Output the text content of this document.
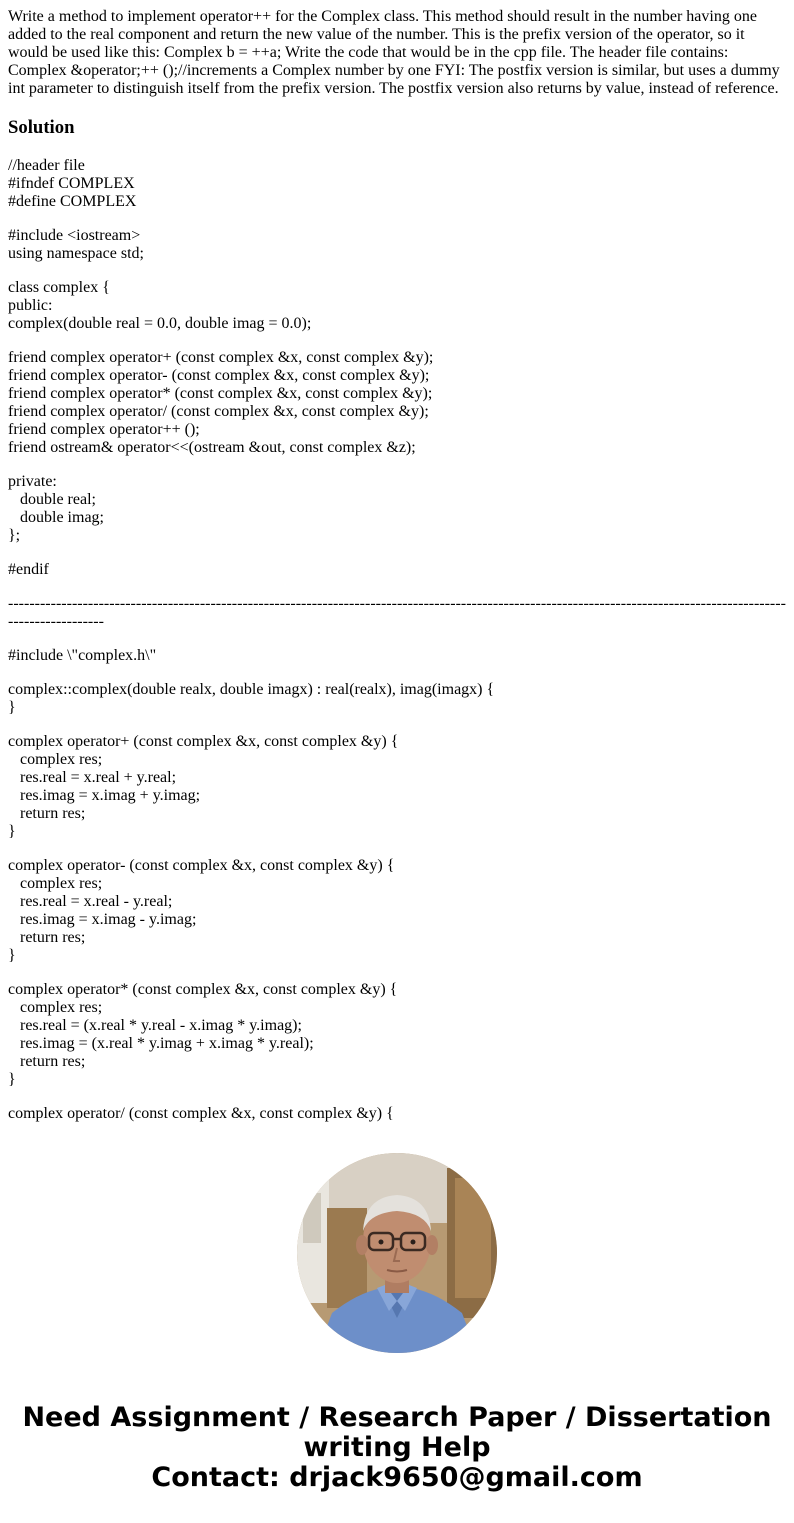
Write a method to implement operator++ for the Complex class. This method should result in the number having one added to the real component and return the new value of the number. This is the prefix version of the operator, so it would be used like this: Complex b = ++a; Write the code that would be in the cpp file. The header file contains: Complex &operator;++ ();//increments a Complex number by one FYI: The postfix version is similar, but uses a dummy int parameter to distinguish itself from the prefix version. The postfix version also returns by value, instead of reference.

Solution
//header file
#ifndef COMPLEX
#define COMPLEX
#include <iostream>
using namespace std;
class complex {
public:
complex(double real = 0.0, double imag = 0.0);
friend complex operator+ (const complex &x, const complex &y);
friend complex operator- (const complex &x, const complex &y);
friend complex operator* (const complex &x, const complex &y);
friend complex operator/ (const complex &x, const complex &y);
friend complex operator++ ();
friend ostream& operator<<(ostream &out, const complex &z);
private:
double real;
double imag;
};
#endif
--------------------------------------------------------------------------------------------------------------------------------------------------------------------
#include \"complex.h\"
complex::complex(double realx, double imagx) : real(realx), imag(imagx) {
}
complex operator+ (const complex &x, const complex &y) {
complex res;
res.real = x.real + y.real;
res.imag = x.imag + y.imag;
return res;
}
complex operator- (const complex &x, const complex &y) {
complex res;
res.real = x.real - y.real;
res.imag = x.imag - y.imag;
return res;
}
complex operator* (const complex &x, const complex &y) {
complex res;
res.real = (x.real * y.real - x.imag * y.imag);
res.imag = (x.real * y.imag + x.imag * y.real);
return res;
}
complex operator/ (const complex &x, const complex &y) {
Need Assignment / Research Paper / Dissertation
writing Help
Contact: drjack9650@gmail.com
